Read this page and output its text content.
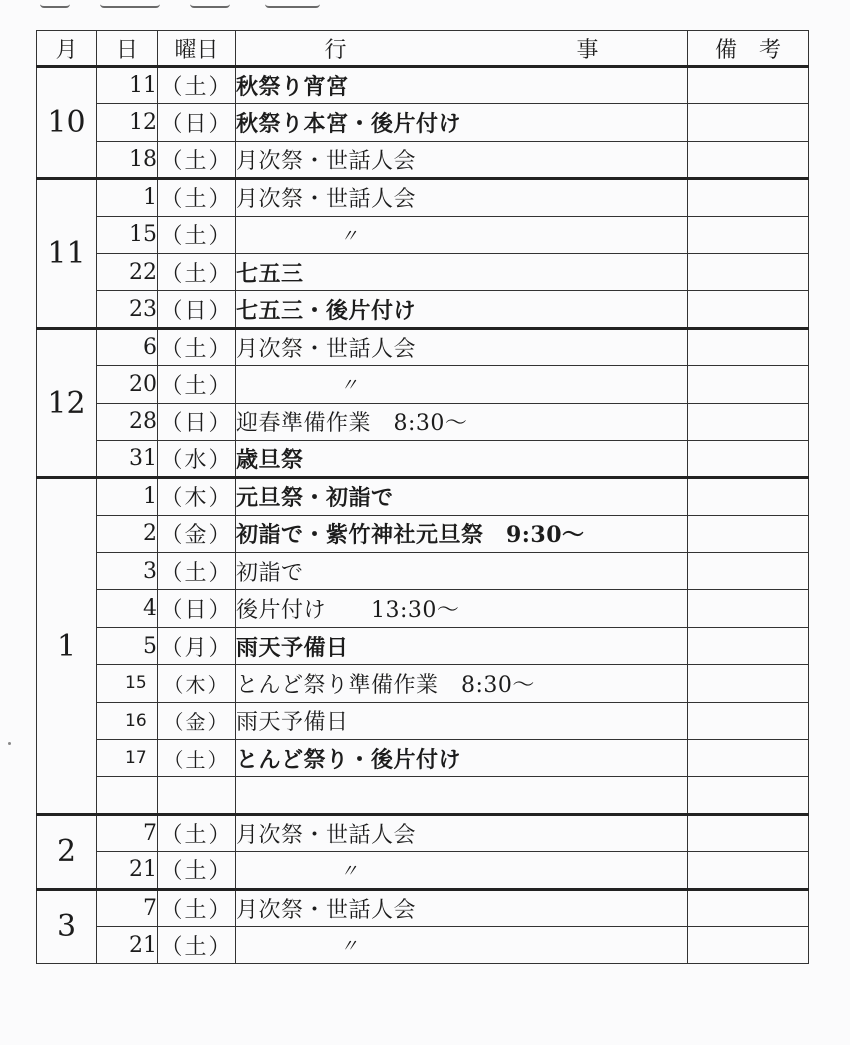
月	日	曜日	行 事	備 考
10	11	（土）	秋祭り宵宮	
	12	（日）	秋祭り本宮・後片付け	
	18	（土）	月次祭・世話人会	
11	1	（土）	月次祭・世話人会	
	15	（土）	〃	
	22	（土）	七五三	
	23	（日）	七五三・後片付け	
12	6	（土）	月次祭・世話人会	
	20	（土）	〃	
	28	（日）	迎春準備作業　8:30～	
	31	（水）	歳旦祭	
1	1	（木）	元旦祭・初詣で	
	2	（金）	初詣で・紫竹神社元旦祭　9:30～	
	3	（土）	初詣で	
	4	（日）	後片付け　　13:30～	
	5	（月）	雨天予備日	
	15	（木）	とんど祭り準備作業　8:30～	
	16	（金）	雨天予備日	
	17	（土）	とんど祭り・後片付け	

2	7	（土）	月次祭・世話人会	
	21	（土）	〃	
3	7	（土）	月次祭・世話人会	
	21	（土）	〃	
